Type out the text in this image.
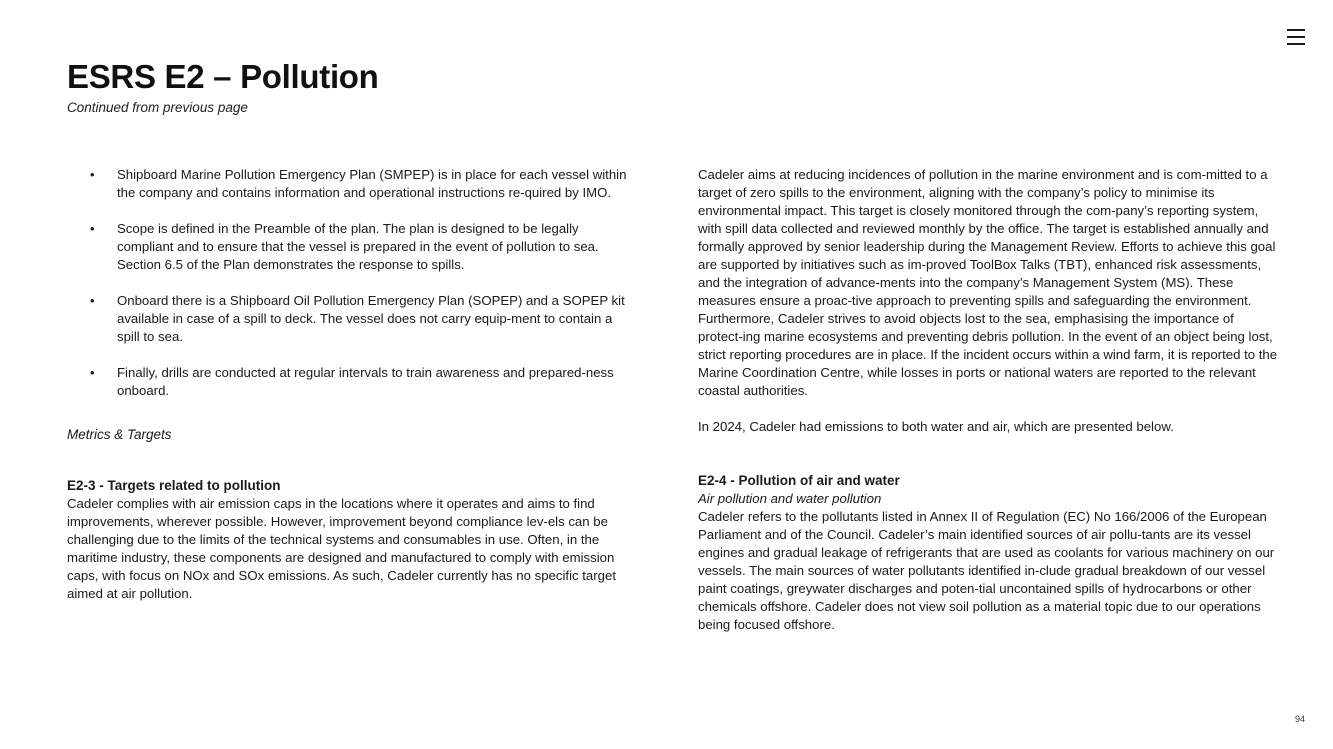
ESRS E2 – Pollution

Continued from previous page

• Shipboard Marine Pollution Emergency Plan (SMPEP) is in place for each vessel within the company and contains information and operational instructions re-quired by IMO.
• Scope is defined in the Preamble of the plan. The plan is designed to be legally compliant and to ensure that the vessel is prepared in the event of pollution to sea. Section 6.5 of the Plan demonstrates the response to spills.
• Onboard there is a Shipboard Oil Pollution Emergency Plan (SOPEP) and a SOPEP kit available in case of a spill to deck. The vessel does not carry equip-ment to contain a spill to sea.
• Finally, drills are conducted at regular intervals to train awareness and prepared-ness onboard.

Metrics & Targets

E2-3 - Targets related to pollution

Cadeler complies with air emission caps in the locations where it operates and aims to find improvements, wherever possible. However, improvement beyond compliance lev-els can be challenging due to the limits of the technical systems and consumables in use. Often, in the maritime industry, these components are designed and manufactured to comply with emission caps, with focus on NOx and SOx emissions. As such, Cadeler currently has no specific target aimed at air pollution.

Cadeler aims at reducing incidences of pollution in the marine environment and is com-mitted to a target of zero spills to the environment, aligning with the company’s policy to minimise its environmental impact. This target is closely monitored through the com-pany’s reporting system, with spill data collected and reviewed monthly by the office. The target is established annually and formally approved by senior leadership during the Management Review. Efforts to achieve this goal are supported by initiatives such as im-proved ToolBox Talks (TBT), enhanced risk assessments, and the integration of advance-ments into the company’s Management System (MS). These measures ensure a proac-tive approach to preventing spills and safeguarding the environment. Furthermore, Cadeler strives to avoid objects lost to the sea, emphasising the importance of protect-ing marine ecosystems and preventing debris pollution. In the event of an object being lost, strict reporting procedures are in place. If the incident occurs within a wind farm, it is reported to the Marine Coordination Centre, while losses in ports or national waters are reported to the relevant coastal authorities.

In 2024, Cadeler had emissions to both water and air, which are presented below.

E2-4 - Pollution of air and water

Air pollution and water pollution

Cadeler refers to the pollutants listed in Annex II of Regulation (EC) No 166/2006 of the European Parliament and of the Council. Cadeler’s main identified sources of air pollu-tants are its vessel engines and gradual leakage of refrigerants that are used as coolants for various machinery on our vessels. The main sources of water pollutants identified in-clude gradual breakdown of our vessel paint coatings, greywater discharges and poten-tial uncontained spills of hydrocarbons or other chemicals offshore. Cadeler does not view soil pollution as a material topic due to our operations being focused offshore.

94
